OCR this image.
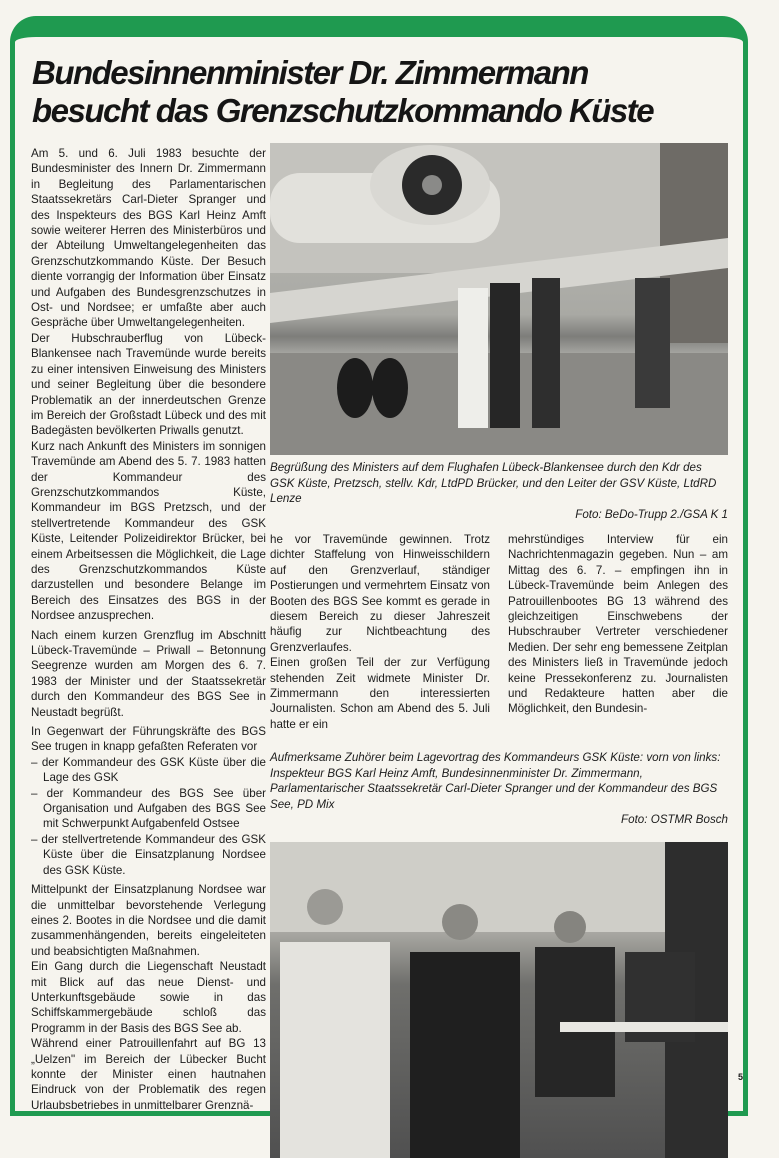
Bundesinnenminister Dr. Zimmermann
besucht das Grenzschutzkommando Küste

Am 5. und 6. Juli 1983 besuchte der Bundesminister des Innern Dr. Zimmermann in Begleitung des Parlamentarischen Staatssekretärs Carl-Dieter Spranger und des Inspekteurs des BGS Karl Heinz Amft sowie weiterer Herren des Ministerbüros und der Abteilung Umweltangelegenheiten das Grenzschutzkommando Küste. Der Besuch diente vorrangig der Information über Einsatz und Aufgaben des Bundesgrenzschutzes in Ost- und Nordsee; er umfaßte aber auch Gespräche über Umweltangelegenheiten.

Der Hubschrauberflug von Lübeck-Blankensee nach Travemünde wurde bereits zu einer intensiven Einweisung des Ministers und seiner Begleitung über die besondere Problematik an der innerdeutschen Grenze im Bereich der Großstadt Lübeck und des mit Badegästen bevölkerten Priwalls genutzt.

Kurz nach Ankunft des Ministers im sonnigen Travemünde am Abend des 5. 7. 1983 hatten der Kommandeur des Grenzschutzkommandos Küste, Kommandeur im BGS Pretzsch, und der stellvertretende Kommandeur des GSK Küste, Leitender Polizeidirektor Brücker, bei einem Arbeitsessen die Möglichkeit, die Lage des Grenzschutzkommandos Küste darzustellen und besondere Belange im Bereich des Einsatzes des BGS in der Nordsee anzusprechen.

Nach einem kurzen Grenzflug im Abschnitt Lübeck-Travemünde – Priwall – Betonnung Seegrenze wurden am Morgen des 6. 7. 1983 der Minister und der Staatssekretär durch den Kommandeur des BGS See in Neustadt begrüßt.

In Gegenwart der Führungskräfte des BGS See trugen in knapp gefaßten Referaten vor

– der Kommandeur des GSK Küste über die Lage des GSK
– der Kommandeur des BGS See über Organisation und Aufgaben des BGS See mit Schwerpunkt Aufgabenfeld Ostsee
– der stellvertretende Kommandeur des GSK Küste über die Einsatzplanung Nordsee des GSK Küste.

Mittelpunkt der Einsatzplanung Nordsee war die unmittelbar bevorstehende Verlegung eines 2. Bootes in die Nordsee und die damit zusammenhängenden, bereits eingeleiteten und beabsichtigten Maßnahmen.

Ein Gang durch die Liegenschaft Neustadt mit Blick auf das neue Dienst- und Unterkunftsgebäude sowie in das Schiffskammergebäude schloß das Programm in der Basis des BGS See ab.

Während einer Patrouillenfahrt auf BG 13 „Uelzen" im Bereich der Lübecker Bucht konnte der Minister einen hautnahen Eindruck von der Problematik des regen Urlaubsbetriebes in unmittelbarer Grenznä-

Begrüßung des Ministers auf dem Flughafen Lübeck-Blankensee durch den Kdr des GSK Küste, Pretzsch, stellv. Kdr, LtdPD Brücker, und den Leiter der GSV Küste, LtdRD Lenze
Foto: BeDo-Trupp 2./GSA K 1

he vor Travemünde gewinnen. Trotz dichter Staffelung von Hinweisschildern auf den Grenzverlauf, ständiger Postierungen und vermehrtem Einsatz von Booten des BGS See kommt es gerade in diesem Bereich zu dieser Jahreszeit häufig zur Nichtbeachtung des Grenzverlaufes.

Einen großen Teil der zur Verfügung stehenden Zeit widmete Minister Dr. Zimmermann den interessierten Journalisten. Schon am Abend des 5. Juli hatte er ein

mehrstündiges Interview für ein Nachrichtenmagazin gegeben. Nun – am Mittag des 6. 7. – empfingen ihn in Lübeck-Travemünde beim Anlegen des Patrouillenbootes BG 13 während des gleichzeitigen Einschwebens der Hubschrauber Vertreter verschiedener Medien. Der sehr eng bemessene Zeitplan des Ministers ließ in Travemünde jedoch keine Pressekonferenz zu. Journalisten und Redakteure hatten aber die Möglichkeit, den Bundesin-

Aufmerksame Zuhörer beim Lagevortrag des Kommandeurs GSK Küste: vorn von links: Inspekteur BGS Karl Heinz Amft, Bundesinnenminister Dr. Zimmermann, Parlamentarischer Staatssekretär Carl-Dieter Spranger und der Kommandeur des BGS See, PD Mix
Foto: OSTMR Bosch
5
